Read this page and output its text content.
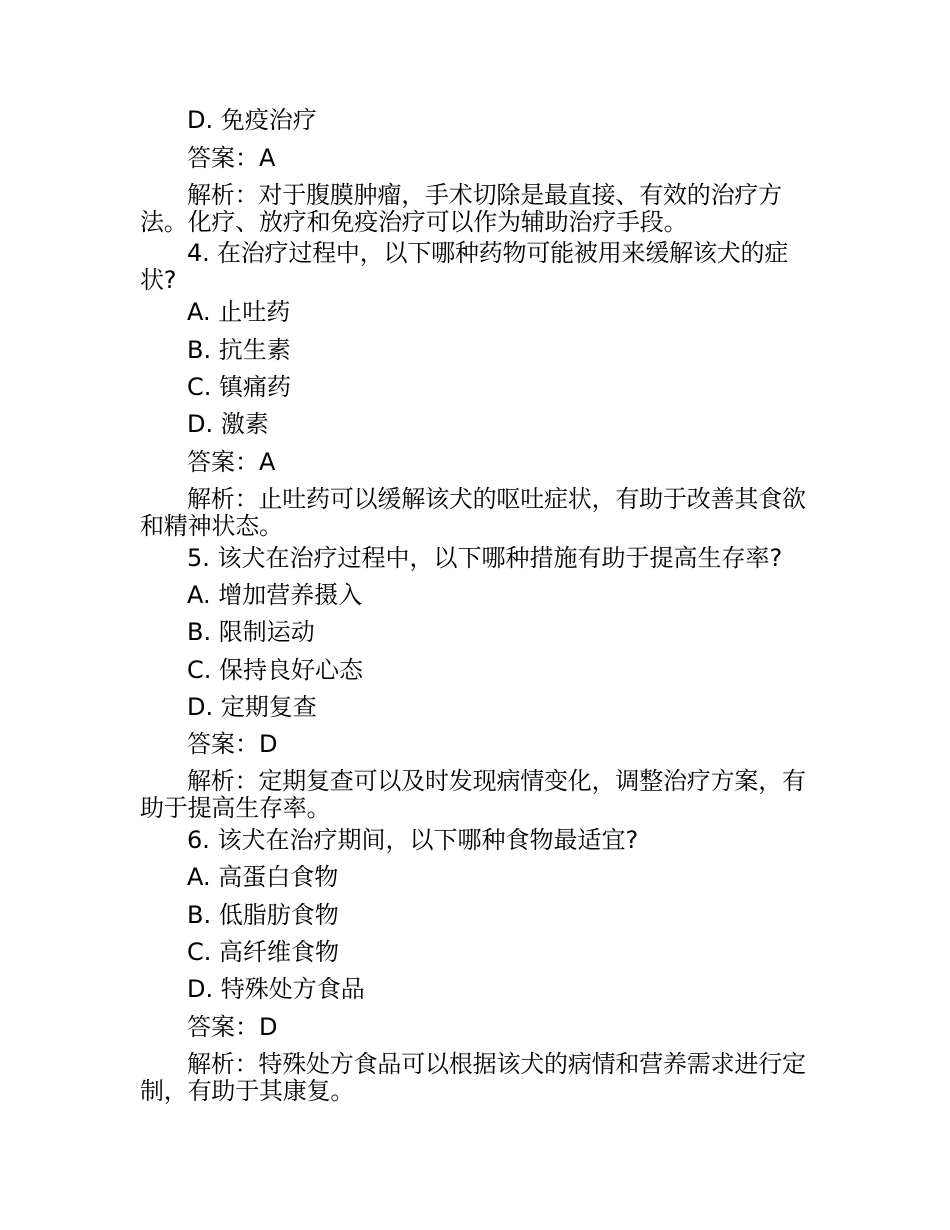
D. 免疫治疗
答案：A
解析：对于腹膜肿瘤，手术切除是最直接、有效的治疗方法。化疗、放疗和免疫治疗可以作为辅助治疗手段。
4. 在治疗过程中，以下哪种药物可能被用来缓解该犬的症状?
A. 止吐药
B. 抗生素
C. 镇痛药
D. 激素
答案：A
解析：止吐药可以缓解该犬的呕吐症状，有助于改善其食欲和精神状态。
5. 该犬在治疗过程中，以下哪种措施有助于提高生存率?
A. 增加营养摄入
B. 限制运动
C. 保持良好心态
D. 定期复查
答案：D
解析：定期复查可以及时发现病情变化，调整治疗方案，有助于提高生存率。
6. 该犬在治疗期间，以下哪种食物最适宜?
A. 高蛋白食物
B. 低脂肪食物
C. 高纤维食物
D. 特殊处方食品
答案：D
解析：特殊处方食品可以根据该犬的病情和营养需求进行定制，有助于其康复。
